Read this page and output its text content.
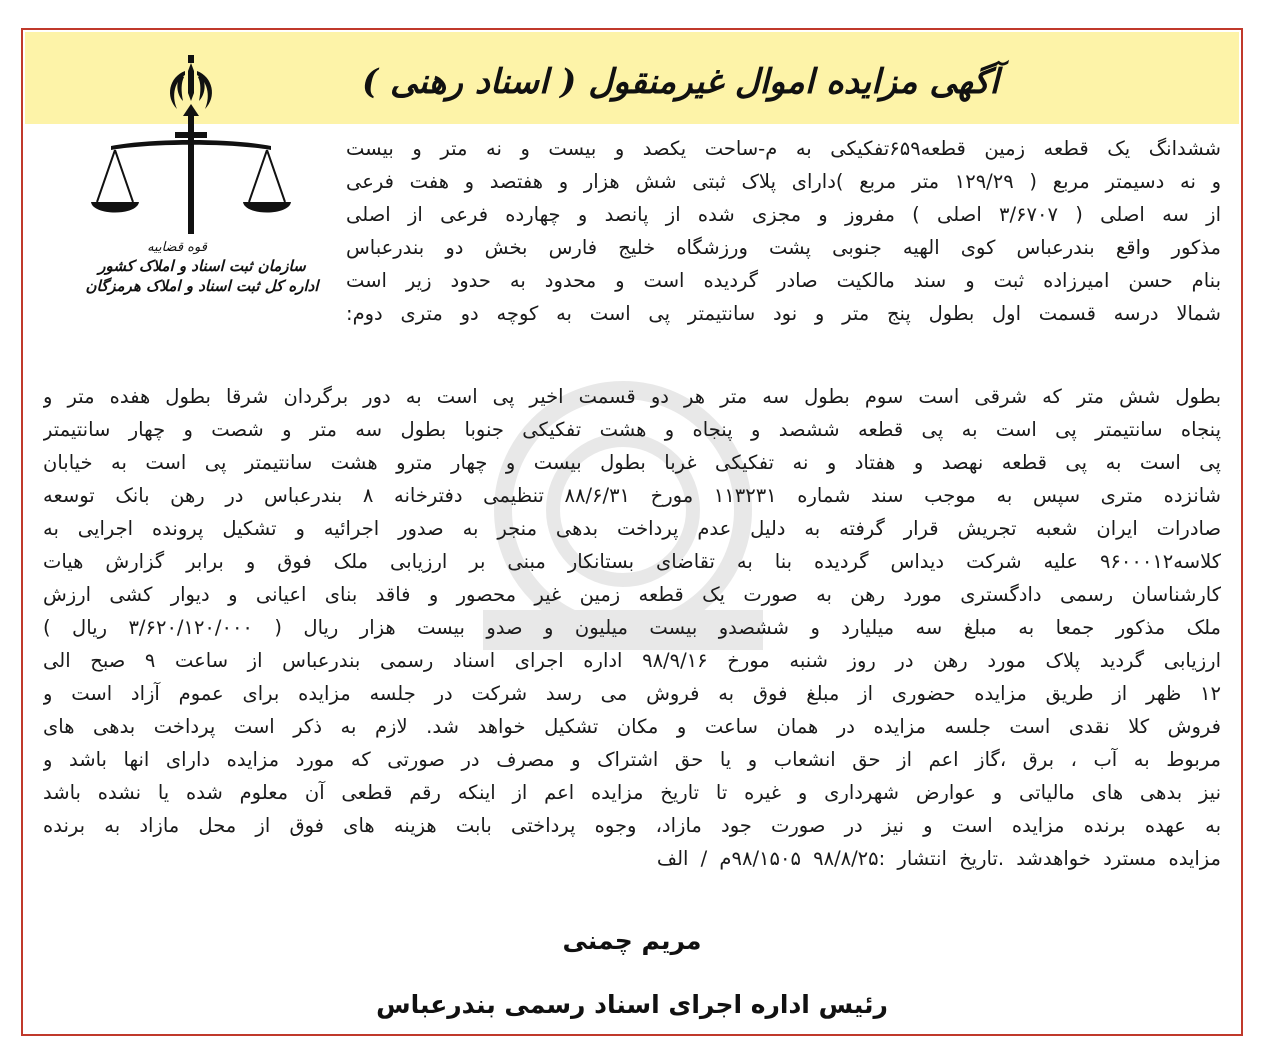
آگهی مزایده اموال غیرمنقول ( اسناد رهنی )
قوه قضاییه
سازمان ثبت اسناد و املاک کشور
اداره کل ثبت اسناد و املاک هرمزگان
ششدانگ یک قطعه زمین قطعه۶۵۹تفکیکی به م-ساحت یکصد و بیست و نه متر و بیست
و نه دسیمتر مربع ( ۱۲۹/۲۹ متر مربع )دارای پلاک ثبتی شش هزار و هفتصد و هفت فرعی
از سه اصلی ( ۳/۶۷۰۷ اصلی ) مفروز و مجزی شده از پانصد و چهارده فرعی از اصلی
مذکور واقع بندرعباس کوی الهیه جنوبی پشت ورزشگاه خلیج فارس بخش دو بندرعباس
بنام حسن امیرزاده ثبت و سند مالکیت صادر گردیده است و محدود به حدود زیر است
شمالا درسه قسمت اول بطول پنج متر و نود سانتیمتر پی است به کوچه دو متری دوم:
بطول شش متر که شرقی است سوم بطول سه متر هر دو قسمت اخیر پی است به دور برگردان شرقا بطول هفده متر و
پنجاه سانتیمتر پی است به پی قطعه ششصد و پنجاه و هشت تفکیکی جنوبا بطول سه متر و شصت و چهار سانتیمتر
پی است به پی قطعه نهصد و هفتاد و نه تفکیکی غربا بطول بیست و چهار مترو هشت سانتیمتر پی است به خیابان
شانزده متری سپس به موجب سند شماره ۱۱۳۲۳۱ مورخ ۸۸/۶/۳۱ تنظیمی دفترخانه ۸ بندرعباس در رهن بانک توسعه
صادرات ایران شعبه تجریش قرار گرفته به دلیل عدم پرداخت بدهی منجر به صدور اجرائیه و تشکیل پرونده اجرایی به
کلاسه۹۶۰۰۰۱۲ علیه شرکت دیداس گردیده بنا به تقاضای بستانکار مبنی بر ارزیابی ملک فوق و برابر گزارش هیات
کارشناسان رسمی دادگستری مورد رهن به صورت یک قطعه زمین غیر محصور و فاقد بنای اعیانی و دیوار کشی ارزش
ملک مذکور جمعا به مبلغ سه میلیارد و ششصدو بیست میلیون و صدو بیست هزار ریال ( ۳/۶۲۰/۱۲۰/۰۰۰ ریال )
ارزیابی گردید پلاک مورد رهن در روز شنبه مورخ ۹۸/۹/۱۶ اداره اجرای اسناد رسمی بندرعباس از ساعت ۹ صبح الی
۱۲ ظهر از طریق مزایده حضوری از مبلغ فوق به فروش می رسد شرکت در جلسه مزایده برای عموم آزاد است و
فروش کلا نقدی است جلسه مزایده در همان ساعت و مکان تشکیل خواهد شد. لازم به ذکر است پرداخت بدهی های
مربوط به آب ، برق ،گاز اعم از حق انشعاب و یا حق اشتراک و مصرف در صورتی که مورد مزایده دارای انها باشد و
نیز بدهی های مالیاتی و عوارض شهرداری و غیره تا تاریخ مزایده اعم از اینکه رقم قطعی آن معلوم شده یا نشده باشد
به عهده برنده مزایده است و نیز در صورت جود مازاد، وجوه پرداختی بابت هزینه های فوق از محل مازاد به برنده
مزایده مسترد خواهدشد .تاریخ انتشار :۹۸/۸/۲۵ ۹۸/۱۵۰۵م / الف
مریم چمنی
رئیس اداره اجرای اسناد رسمی بندرعباس
